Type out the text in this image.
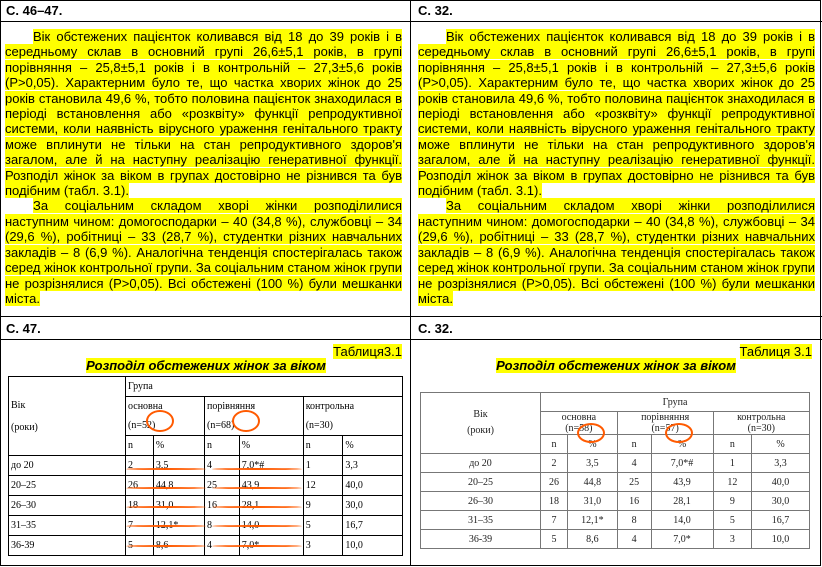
С. 46–47.	С. 32.

Вік обстежених пацієнток коливався від 18 до 39 років і в середньому склав в основний групі 26,6±5,1 років, в групі порівняння – 25,8±5,1 років і в контрольній – 27,3±5,6 років (Р>0,05). Характерним було те, що частка хворих жінок до 25 років становила 49,6 %, тобто половина пацієнток знаходилася в періоді встановлення або «розквіту» функції репродуктивної системи, коли наявність вірусного ураження генітального тракту може вплинути не тільки на стан репродуктивного здоров'я загалом, але й на наступну реалізацію генеративної функції. Розподіл жінок за віком в групах достовірно не різнився та був подібним (табл. 3.1).

За соціальним складом хворі жінки розподілилися наступним чином: домогосподарки – 40 (34,8 %), службовці – 34 (29,6 %), робітниці – 33 (28,7 %), студентки різних навчальних закладів – 8 (6,9 %). Аналогічна тенденція спостерігалась також серед жінок контрольної групи. За соціальним станом жінок групи не розрізнялися (Р>0,05). Всі обстежені (100 %) були мешканки міста.

Вік обстежених пацієнток коливався від 18 до 39 років і в середньому склав в основний групі 26,6±5,1 років, в групі порівняння – 25,8±5,1 років і в контрольній – 27,3±5,6 років (Р>0,05). Характерним було те, що частка хворих жінок до 25 років становила 49,6 %, тобто половина пацієнток знаходилася в періоді встановлення або «розквіту» функції репродуктивної системи, коли наявність вірусного ураження генітального тракту може вплинути не тільки на стан репродуктивного здоров'я загалом, але й на наступну реалізацію генеративної функції. Розподіл жінок за віком в групах достовірно не різнився та був подібним (табл. 3.1).

За соціальним складом хворі жінки розподілилися наступним чином: домогосподарки – 40 (34,8 %), службовці – 34 (29,6 %), робітниці – 33 (28,7 %), студентки різних навчальних закладів – 8 (6,9 %). Аналогічна тенденція спостерігалась також серед жінок контрольної групи. За соціальним станом жінок групи не розрізнялися (Р>0,05). Всі обстежені (100 %) були мешканки міста.

С. 47.	С. 32.
Таблиця3.1
Розподіл обстежених жінок за віком
Таблиця 3.1
Розподіл обстежених жінок за віком
Вік
(роки)	Група					
	основна
(n=52)		порівняння
(n=68)		контрольна
(n=30)	
	n	%	n	%	n	%
до 20	2	3,5	4	7,0*#	1	3,3
20–25	26	44,8	25	43,9	12	40,0
26–30	18	31,0	16	28,1	9	30,0
31–35	7	12,1*	8	14,0	5	16,7
36-39	5	8,6	4	7,0*	3	10,0
Вік
(роки)	Група					
	основна
(n=58)		порівняння
(n=57)		контрольна
(n=30)	
	n	%	n	%	n	%
до 20	2	3,5	4	7,0*#	1	3,3
20–25	26	44,8	25	43,9	12	40,0
26–30	18	31,0	16	28,1	9	30,0
31–35	7	12,1*	8	14,0	5	16,7
36-39	5	8,6	4	7,0*	3	10,0
